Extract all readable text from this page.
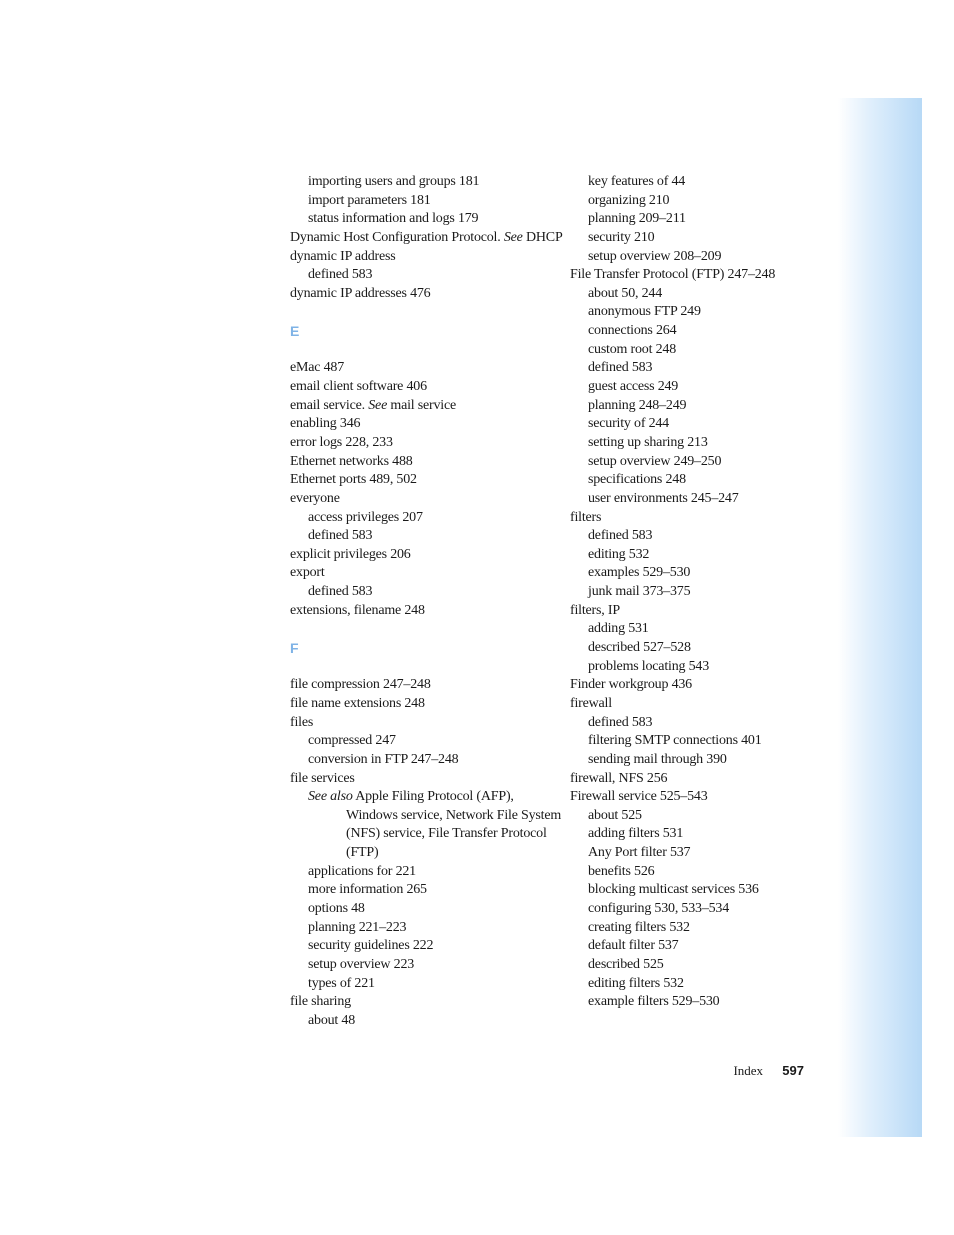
importing users and groups 181
import parameters 181
status information and logs 179
Dynamic Host Configuration Protocol. See DHCP
dynamic IP address
defined 583
dynamic IP addresses 476
E
eMac 487
email client software 406
email service. See mail service
enabling 346
error logs 228, 233
Ethernet networks 488
Ethernet ports 489, 502
everyone
access privileges 207
defined 583
explicit privileges 206
export
defined 583
extensions, filename 248
F
file compression 247–248
file name extensions 248
files
compressed 247
conversion in FTP 247–248
file services
See also Apple Filing Protocol (AFP),
Windows service, Network File System
(NFS) service, File Transfer Protocol
(FTP)
applications for 221
more information 265
options 48
planning 221–223
security guidelines 222
setup overview 223
types of 221
file sharing
about 48
key features of 44
organizing 210
planning 209–211
security 210
setup overview 208–209
File Transfer Protocol (FTP) 247–248
about 50, 244
anonymous FTP 249
connections 264
custom root 248
defined 583
guest access 249
planning 248–249
security of 244
setting up sharing 213
setup overview 249–250
specifications 248
user environments 245–247
filters
defined 583
editing 532
examples 529–530
junk mail 373–375
filters, IP
adding 531
described 527–528
problems locating 543
Finder workgroup 436
firewall
defined 583
filtering SMTP connections 401
sending mail through 390
firewall, NFS 256
Firewall service 525–543
about 525
adding filters 531
Any Port filter 537
benefits 526
blocking multicast services 536
configuring 530, 533–534
creating filters 532
default filter 537
described 525
editing filters 532
example filters 529–530
Index 597
